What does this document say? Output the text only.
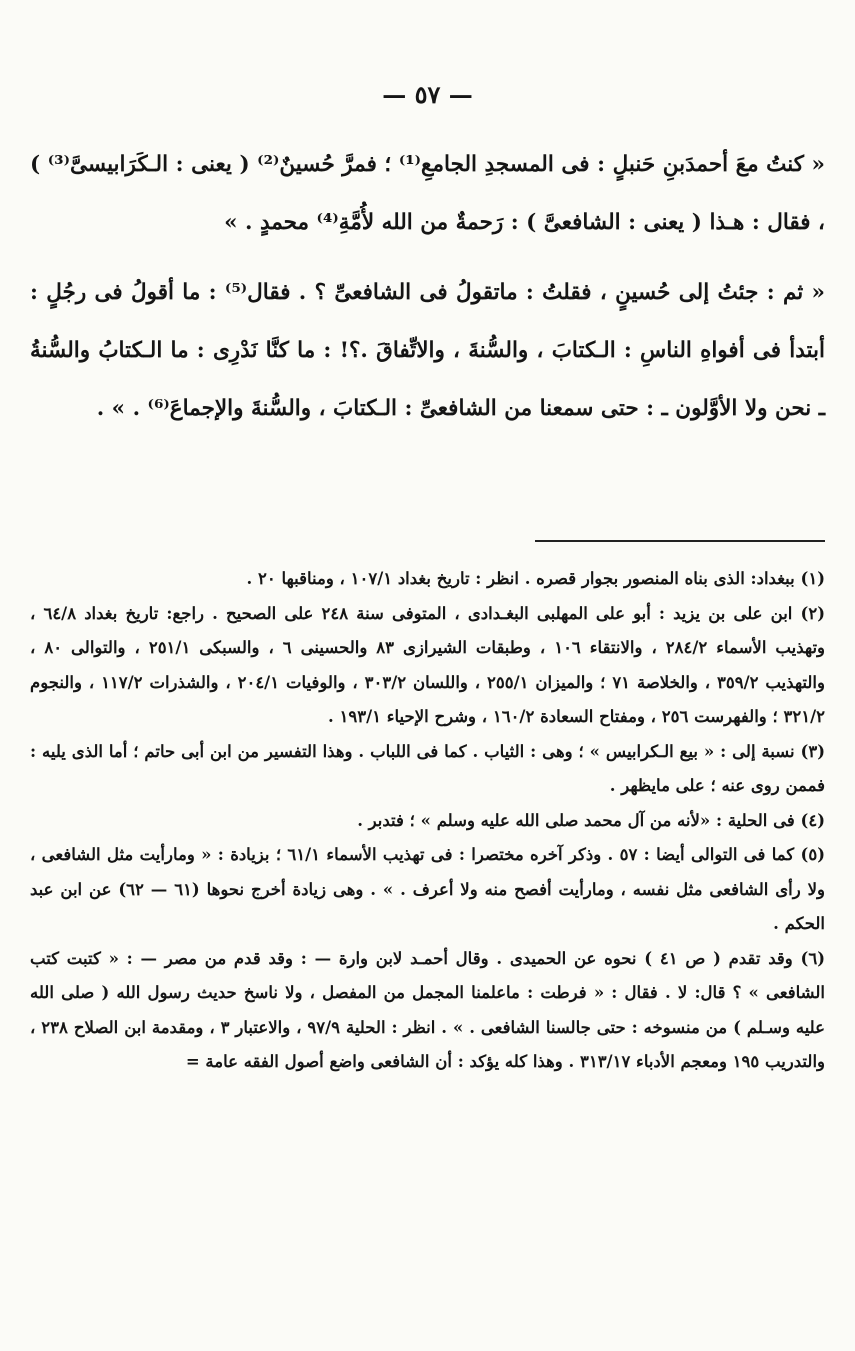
— ٥٧ —

« كنتُ معَ أحمدَبنِ حَنبلٍ : فى المسجدِ الجامعِ⁽¹⁾ ؛ فمرَّ حُسينٌ⁽²⁾ ( يعنى : الـكَرَابيسىَّ⁽³⁾ ) ، فقال : هـذا ( يعنى : الشافعىَّ ) : رَحمةٌ من الله لأُمَّةِ⁽⁴⁾ محمدٍ . »

« ثم : جئتُ إلى حُسينٍ ، فقلتُ : ماتقولُ فى الشافعىِّ ؟ . فقال⁽⁵⁾ : ما أقولُ فى رجُلٍ : أبتدأ فى أفواهِ الناسِ : الـكتابَ ، والسُّنةَ ، والاتِّفاقَ .؟! : ما كنَّا نَدْرِى : ما الـكتابُ والسُّنةُ ـ نحن ولا الأوَّلون ـ : حتى سمعنا من الشافعىِّ : الـكتابَ ، والسُّنةَ والإجماعَ⁽⁶⁾ . » .

(١) ببغداد: الذى بناه المنصور بجوار قصره . انظر : تاريخ بغداد ١٠٧/١ ، ومناقبها ٢٠ .

(٢) ابن على بن يزيد : أبو على المهلبى البغـدادى ، المتوفى سنة ٢٤٨ على الصحيح . راجع: تاريخ بغداد ٦٤/٨ ، وتهذيب الأسماء ٢٨٤/٢ ، والانتقاء ١٠٦ ، وطبقات الشيرازى ٨٣ والحسينى ٦ ، والسبكى ٢٥١/١ ، والتوالى ٨٠ ، والتهذيب ٣٥٩/٢ ، والخلاصة ٧١ ؛ والميزان ٢٥٥/١ ، واللسان ٣٠٣/٢ ، والوفيات ٢٠٤/١ ، والشذرات ١١٧/٢ ، والنجوم ٣٢١/٢ ؛ والفهرست ٢٥٦ ، ومفتاح السعادة ١٦٠/٢ ، وشرح الإحياء ١٩٣/١ .

(٣) نسبة إلى : « بيع الـكرابيس » ؛ وهى : الثياب . كما فى اللباب . وهذا التفسير من ابن أبى حاتم ؛ أما الذى يليه : فممن روى عنه ؛ على مايظهر .

(٤) فى الحلية : «لأنه من آل محمد صلى الله عليه وسلم » ؛ فتدبر .

(٥) كما فى التوالى أيضا : ٥٧ . وذكر آخره مختصرا : فى تهذيب الأسماء ٦١/١ ؛ بزيادة : « ومارأيت مثل الشافعى ، ولا رأى الشافعى مثل نفسه ، ومارأيت أفصح منه ولا أعرف . » . وهى زيادة أخرج نحوها (٦١ — ٦٢) عن ابن عبد الحكم .

(٦) وقد تقدم ( ص ٤١ ) نحوه عن الحميدى . وقال أحمـد لابن وارة — : وقد قدم من مصر — : « كتبت كتب الشافعى » ؟ قال: لا . فقال : « فرطت : ماعلمنا المجمل من المفصل ، ولا ناسخ حديث رسول الله ( صلى الله عليه وسـلم ) من منسوخه : حتى جالسنا الشافعى . » . انظر : الحلية ٩٧/٩ ، والاعتبار ٣ ، ومقدمة ابن الصلاح ٢٣٨ ، والتدريب ١٩٥ ومعجم الأدباء ٣١٣/١٧ . وهذا كله يؤكد : أن الشافعى واضع أصول الفقه عامة =
